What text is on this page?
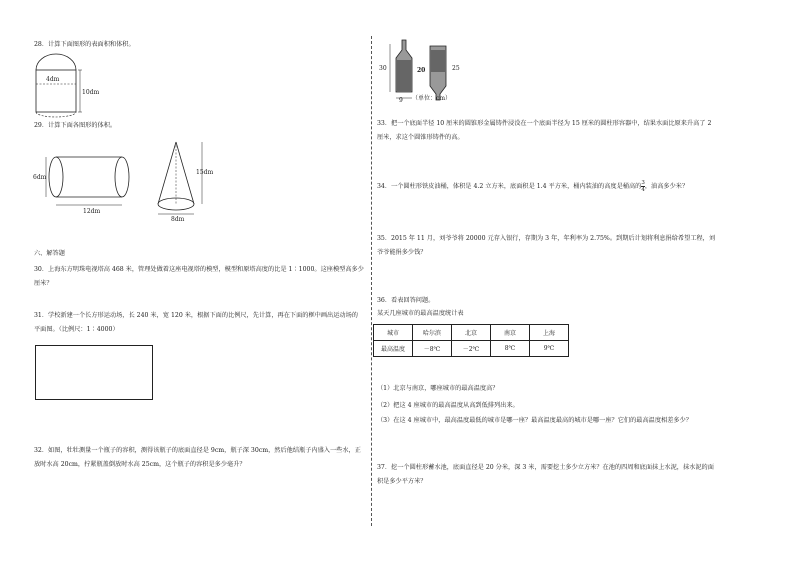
28．计算下面图形的表面积和体积。
4dm
10dm
29．计算下面各图形的体积。
6dm
12dm
15dm
8dm
六、解答题
30．上海东方明珠电视塔高 468 米，管理处做着这座电视塔的模型，模型和原塔高度的比是 1∶1000。这座模型高多少厘米？
31．学校新建一个长方形运动场，长 240 米，宽 120 米，根据下面的比例尺，先计算，再在下面的框中画出运动场的平面图。（比例尺：1∶4000）
32．如图，牡牡测量一个瓶子的容积，测得该瓶子的底面直径是 9cm，瓶子深 30cm，然后他结瓶子内盛入一些水，正放时水高 20cm，拧紧瓶盖倒放时水高 25cm，这个瓶子的容积是多少毫升？
30	20	25
9 （单位：cm）
33．把一个底面半径 10 厘米的圆锥形金属铸件浸没在一个底面半径为 15 厘米的圆柱形容器中，结果水面比原来升高了 2 厘米，求这个圆锥形铸件的高。
34．一个圆柱形铁皮油桶，体积是 4.2 立方米，底面积是 1.4 平方米，桶内装油的高度是桶高的 $\frac{3}{4}$ ，油高多少米？
35．2015 年 11 月，刘爷爷将 20000 元存入银行，存期为 3 年，年利率为 2.75%。到期后计划将利息捐给希望工程，刘爷爷能捐多少钱？
36．看表回答问题。
某天几座城市的最高温度统计表
城市	哈尔滨	北京	南京	上海
最高温度	－8℃	－2℃	8℃	9℃
（1）北京与南京，哪座城市的最高温度高？
（2）把这 4 座城市的最高温度从高到低排列出来。
（3）在这 4 座城市中，最高温度最低的城市是哪一座？最高温度最高的城市是哪一座？它们的最高温度相差多少？
37．挖一个圆柱形蓄水池，底面直径是 20 分米，深 3 米，需要挖土多少立方米？在池的四周和底面抹上水泥，抹水泥的面积是多少平方米？
